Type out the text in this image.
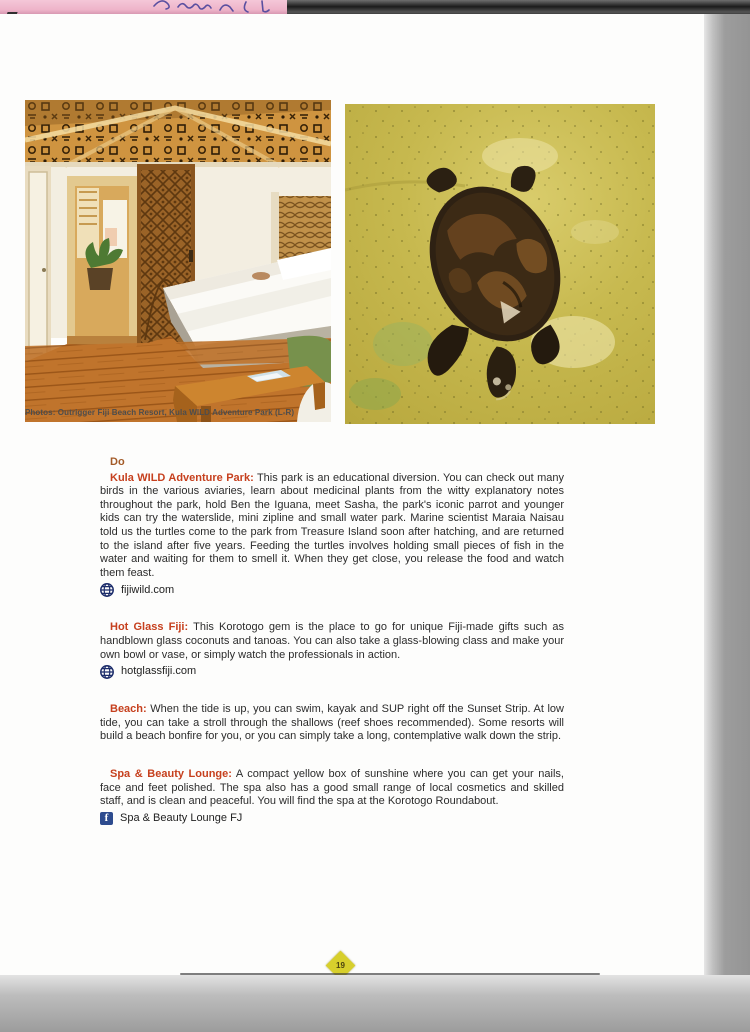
Photos: Outrigger Fiji Beach Resort, Kula WILD Adventure Park (L-R)
Do

Kula WILD Adventure Park: This park is an educational diversion. You can check out many birds in the various aviaries, learn about medicinal plants from the witty explanatory notes throughout the park, hold Ben the Iguana, meet Sasha, the park's iconic parrot and younger kids can try the waterslide, mini zipline and small water park. Marine scientist Maraia Naisau told us the turtles come to the park from Treasure Island soon after hatching, and are returned to the island after five years. Feeding the turtles involves holding small pieces of fish in the water and waiting for them to smell it. When they get close, you release the food and watch them feast.

fijiwild.com

Hot Glass Fiji: This Korotogo gem is the place to go for unique Fiji-made gifts such as handblown glass coconuts and tanoas. You can also take a glass-blowing class and make your own bowl or vase, or simply watch the professionals in action.

hotglassfiji.com

Beach: When the tide is up, you can swim, kayak and SUP right off the Sunset Strip. At low tide, you can take a stroll through the shallows (reef shoes recommended). Some resorts will build a beach bonfire for you, or you can simply take a long, contemplative walk down the strip.

Spa & Beauty Lounge: A compact yellow box of sunshine where you can get your nails, face and feet polished. The spa also has a good small range of local cosmetics and skilled staff, and is clean and peaceful. You will find the spa at the Korotogo Roundabout.

f	Spa & Beauty Lounge FJ
19
